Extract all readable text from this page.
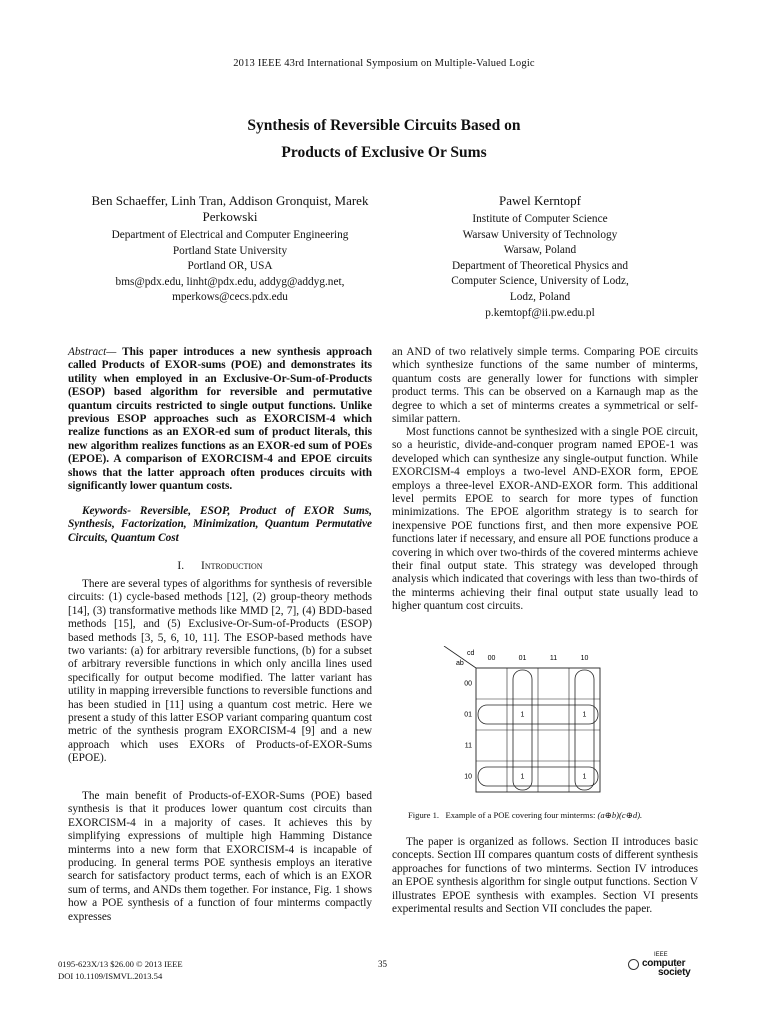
2013 IEEE 43rd International Symposium on Multiple-Valued Logic
Synthesis of Reversible Circuits Based on
Products of Exclusive Or Sums
Ben Schaeffer, Linh Tran, Addison Gronquist, Marek Perkowski
Department of Electrical and Computer Engineering
Portland State University
Portland OR, USA
bms@pdx.edu, linht@pdx.edu, addyg@addyg.net, mperkows@cecs.pdx.edu
Pawel Kerntopf
Institute of Computer Science
Warsaw University of Technology
Warsaw, Poland
Department of Theoretical Physics and Computer Science, University of Lodz,
Lodz, Poland
p.kemtopf@ii.pw.edu.pl
Abstract— This paper introduces a new synthesis approach called Products of EXOR-sums (POE) and demonstrates its utility when employed in an Exclusive-Or-Sum-of-Products (ESOP) based algorithm for reversible and permutative quantum circuits restricted to single output functions. Unlike previous ESOP approaches such as EXORCISM-4 which realize functions as an EXOR-ed sum of product literals, this new algorithm realizes functions as an EXOR-ed sum of POEs (EPOE). A comparison of EXORCISM-4 and EPOE circuits shows that the latter approach often produces circuits with significantly lower quantum costs.
Keywords- Reversible, ESOP, Product of EXOR Sums, Synthesis, Factorization, Minimization, Quantum Permutative Circuits, Quantum Cost
I. Introduction
There are several types of algorithms for synthesis of reversible circuits: (1) cycle-based methods [12], (2) group-theory methods [14], (3) transformative methods like MMD [2, 7], (4) BDD-based methods [15], and (5) Exclusive-Or-Sum-of-Products (ESOP) based methods [3, 5, 6, 10, 11]. The ESOP-based methods have two variants: (a) for arbitrary reversible functions, (b) for a subset of arbitrary reversible functions in which only ancilla lines used specifically for output become modified. The latter variant has utility in mapping irreversible functions to reversible functions and has been studied in [11] using a quantum cost metric. Here we present a study of this latter ESOP variant comparing quantum cost metric of the synthesis program EXORCISM-4 [9] and a new approach which uses EXORs of Products-of-EXOR-Sums (EPOE).
The main benefit of Products-of-EXOR-Sums (POE) based synthesis is that it produces lower quantum cost circuits than EXORCISM-4 in a majority of cases. It achieves this by simplifying expressions of multiple high Hamming Distance minterms into a new form that EXORCISM-4 is incapable of producing. In general terms POE synthesis employs an iterative search for satisfactory product terms, each of which is an EXOR sum of terms, and ANDs them together. For instance, Fig. 1 shows how a POE synthesis of a function of four minterms compactly expresses
an AND of two relatively simple terms. Comparing POE circuits which synthesize functions of the same number of minterms, quantum costs are generally lower for functions with simpler product terms. This can be observed on a Karnaugh map as the degree to which a set of minterms creates a symmetrical or self-similar pattern.
Most functions cannot be synthesized with a single POE circuit, so a heuristic, divide-and-conquer program named EPOE-1 was developed which can synthesize any single-output function. While EXORCISM-4 employs a two-level AND-EXOR form, EPOE employs a three-level EXOR-AND-EXOR form. This additional level permits EPOE to search for more types of function minimizations. The EPOE algorithm strategy is to search for inexpensive POE functions first, and then more expensive POE functions later if necessary, and ensure all POE functions produce a covering in which over two-thirds of the covered minterms achieve their final output state. This strategy was developed through analysis which indicated that coverings with less than two-thirds of the minterms achieving their final output state usually lead to higher quantum cost circuits.
cd
ab
00	01	11	10
00
01
11
10
1	1
1	1
Figure 1.   Example of a POE covering four minterms: (a⊕b)(c⊕d).
The paper is organized as follows. Section II introduces basic concepts. Section III compares quantum costs of different synthesis approaches for functions of two minterms. Section IV introduces an EPOE synthesis algorithm for single output functions. Section V illustrates EPOE synthesis with examples. Section VI presents experimental results and Section VII concludes the paper.
0195-623X/13 $26.00 © 2013 IEEE
DOI 10.1109/ISMVL.2013.54
35
IEEE
computer
society
